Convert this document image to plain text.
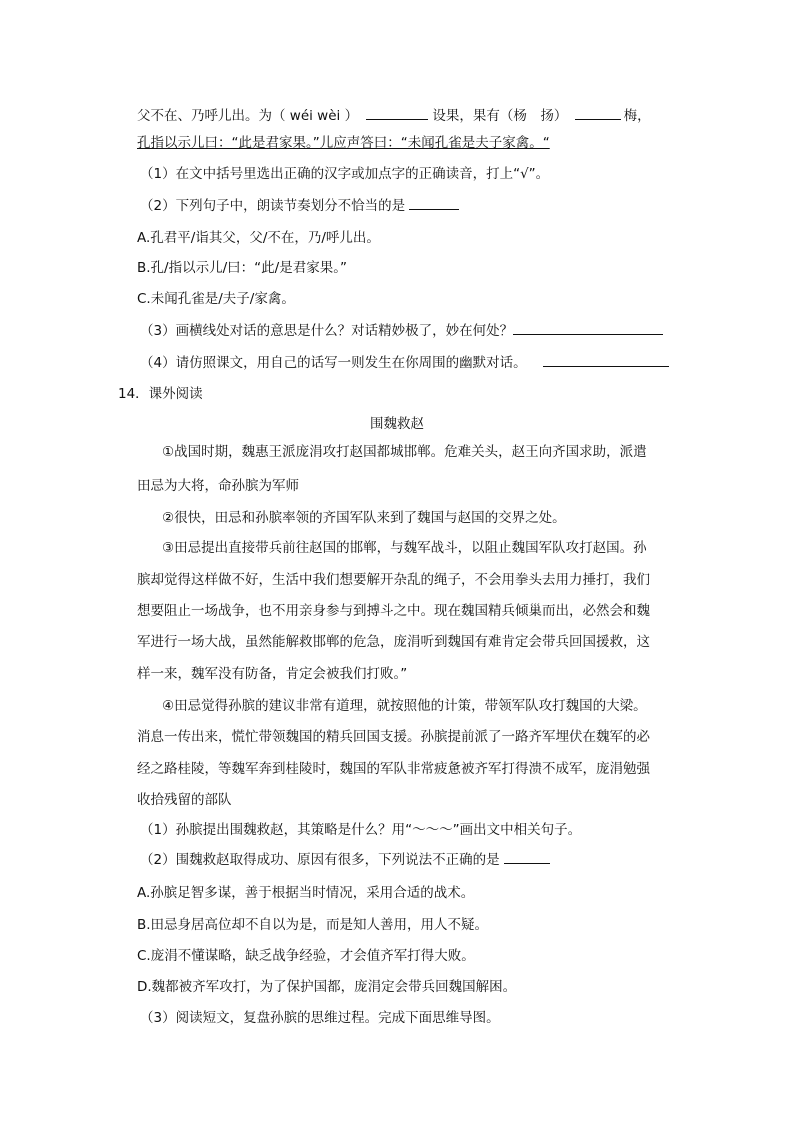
父不在、乃呼儿出。为（ wéi wèi ）	设果，果有（杨　扬）	梅，
孔指以示儿曰：“此是君家果。”儿应声答曰：“未闻孔雀是夫子家禽。“
（1）在文中括号里选出正确的汉字或加点字的正确读音，打上“√”。
（2）下列句子中，朗读节奏划分不恰当的是
A.孔君平/诣其父，父/不在，乃/呼儿出。
B.孔/指以示儿/曰：“此/是君家果。”
C.未闻孔雀是/夫子/家禽。
（3）画横线处对话的意思是什么？对话精妙极了，妙在何处？
（4）请仿照课文，用自己的话写一则发生在你周围的幽默对话。
14．课外阅读
围魏救赵
①战国时期，魏惠王派庞涓攻打赵国都城邯郸。危难关头，赵王向齐国求助，派遣
田忌为大将，命孙膑为军师
②很快，田忌和孙膑率领的齐国军队来到了魏国与赵国的交界之处。
③田忌提出直接带兵前往赵国的邯郸，与魏军战斗，以阻止魏国军队攻打赵国。孙
膑却觉得这样做不好，生活中我们想要解开杂乱的绳子，不会用拳头去用力捶打，我们
想要阻止一场战争，也不用亲身参与到搏斗之中。现在魏国精兵倾巢而出，必然会和魏
军进行一场大战，虽然能解救邯郸的危急，庞涓听到魏国有难肯定会带兵回国援救，这
样一来，魏军没有防备，肯定会被我们打败。”
④田忌觉得孙膑的建议非常有道理，就按照他的计策，带领军队攻打魏国的大梁。
消息一传出来，慌忙带领魏国的精兵回国支援。孙膑提前派了一路齐军埋伏在魏军的必
经之路桂陵，等魏军奔到桂陵时，魏国的军队非常疲惫被齐军打得溃不成军，庞涓勉强
收拾残留的部队
（1）孙膑提出围魏救赵，其策略是什么？用“～～～”画出文中相关句子。
（2）围魏救赵取得成功、原因有很多，下列说法不正确的是
A.孙膑足智多谋，善于根据当时情况，采用合适的战术。
B.田忌身居高位却不自以为是，而是知人善用，用人不疑。
C.庞涓不懂谋略，缺乏战争经验，才会值齐军打得大败。
D.魏都被齐军攻打，为了保护国都，庞涓定会带兵回魏国解困。
（3）阅读短文，复盘孙膑的思维过程。完成下面思维导图。
